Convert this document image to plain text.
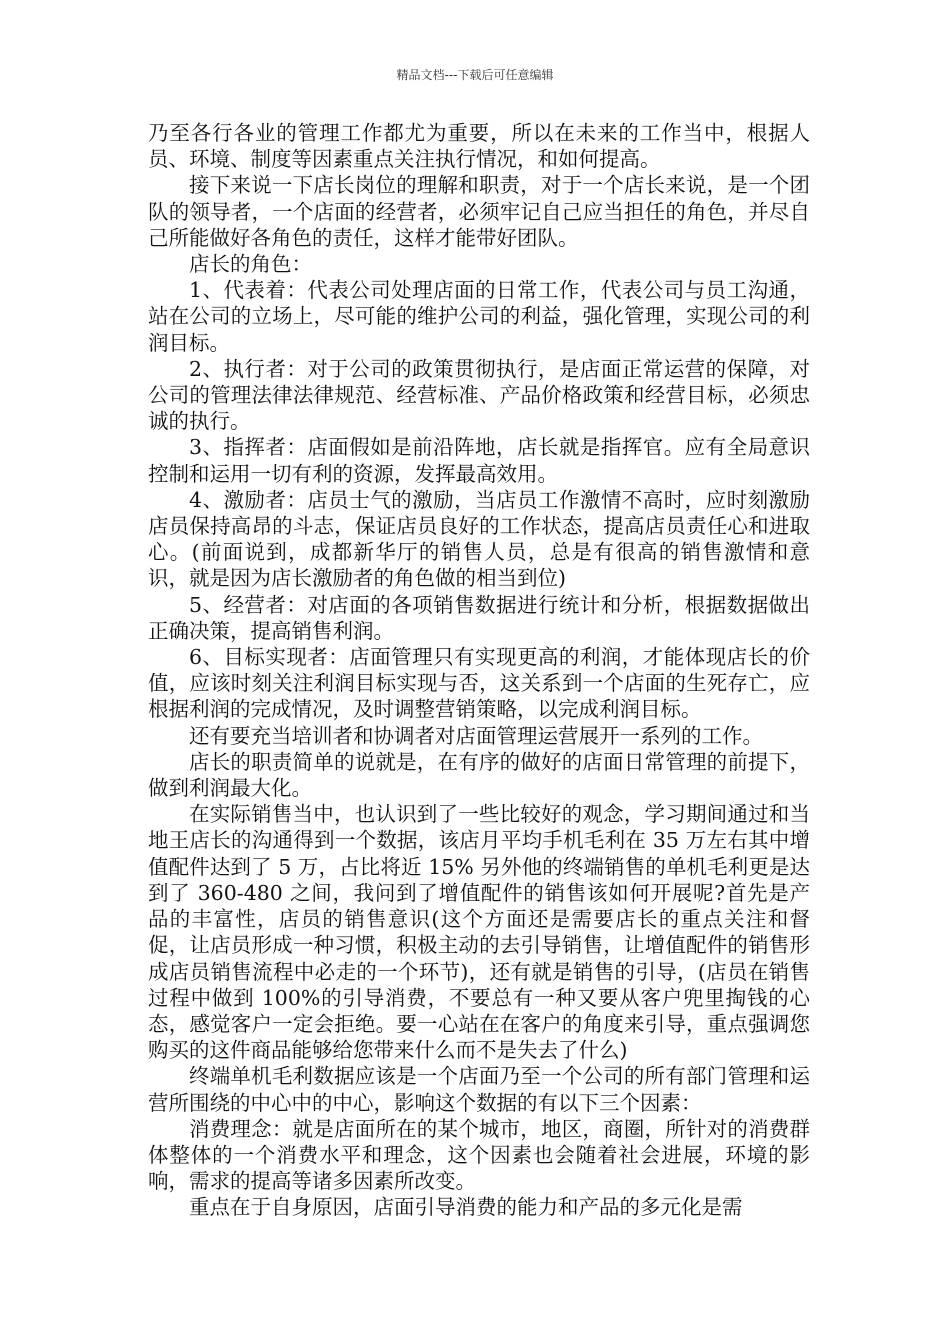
精品文档---下载后可任意编辑

乃至各行各业的管理工作都尤为重要，所以在未来的工作当中，根据人员、环境、制度等因素重点关注执行情况，和如何提高。

接下来说一下店长岗位的理解和职责，对于一个店长来说，是一个团队的领导者，一个店面的经营者，必须牢记自己应当担任的角色，并尽自己所能做好各角色的责任，这样才能带好团队。

店长的角色：

1、代表着：代表公司处理店面的日常工作，代表公司与员工沟通，站在公司的立场上，尽可能的维护公司的利益，强化管理，实现公司的利润目标。

2、执行者：对于公司的政策贯彻执行，是店面正常运营的保障，对公司的管理法律法律规范、经营标准、产品价格政策和经营目标，必须忠诚的执行。

3、指挥者：店面假如是前沿阵地，店长就是指挥官。应有全局意识控制和运用一切有利的资源，发挥最高效用。

4、激励者：店员士气的激励，当店员工作激情不高时，应时刻激励店员保持高昂的斗志，保证店员良好的工作状态，提高店员责任心和进取心。(前面说到，成都新华厅的销售人员，总是有很高的销售激情和意识，就是因为店长激励者的角色做的相当到位)

5、经营者：对店面的各项销售数据进行统计和分析，根据数据做出正确决策，提高销售利润。

6、目标实现者：店面管理只有实现更高的利润，才能体现店长的价值，应该时刻关注利润目标实现与否，这关系到一个店面的生死存亡，应根据利润的完成情况，及时调整营销策略，以完成利润目标。

还有要充当培训者和协调者对店面管理运营展开一系列的工作。

店长的职责简单的说就是，在有序的做好的店面日常管理的前提下，做到利润最大化。

在实际销售当中，也认识到了一些比较好的观念，学习期间通过和当地王店长的沟通得到一个数据，该店月平均手机毛利在 35 万左右其中增值配件达到了 5 万，占比将近 15% 另外他的终端销售的单机毛利更是达到了 360-480 之间，我问到了增值配件的销售该如何开展呢?首先是产品的丰富性，店员的销售意识(这个方面还是需要店长的重点关注和督促，让店员形成一种习惯，积极主动的去引导销售，让增值配件的销售形成店员销售流程中必走的一个环节)，还有就是销售的引导，(店员在销售过程中做到 100%的引导消费，不要总有一种又要从客户兜里掏钱的心态，感觉客户一定会拒绝。要一心站在在客户的角度来引导，重点强调您购买的这件商品能够给您带来什么而不是失去了什么)

终端单机毛利数据应该是一个店面乃至一个公司的所有部门管理和运营所围绕的中心中的中心，影响这个数据的有以下三个因素：

消费理念：就是店面所在的某个城市，地区，商圈，所针对的消费群体整体的一个消费水平和理念，这个因素也会随着社会进展，环境的影响，需求的提高等诸多因素所改变。

重点在于自身原因，店面引导消费的能力和产品的多元化是需
